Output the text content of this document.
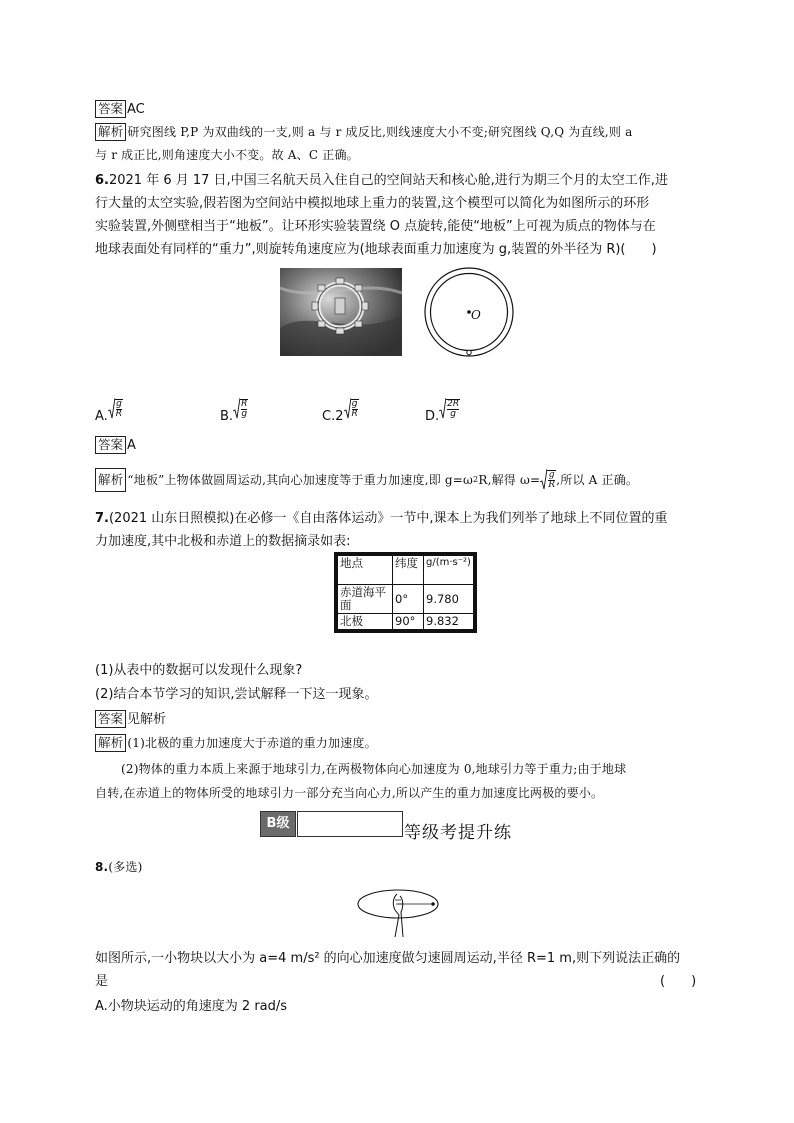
答案 AC
解析 研究图线 P,P 为双曲线的一支,则 a 与 r 成反比,则线速度大小不变;研究图线 Q,Q 为直线,则 a
与 r 成正比,则角速度大小不变。故 A、C 正确。
6.2021 年 6 月 17 日,中国三名航天员入住自己的空间站天和核心舱,进行为期三个月的太空工作,进
行大量的太空实验,假若图为空间站中模拟地球上重力的装置,这个模型可以简化为如图所示的环形
实验装置,外侧壁相当于“地板”。让环形实验装置绕 O 点旋转,能使“地板”上可视为质点的物体与在
地球表面处有同样的“重力”,则旋转角速度应为(地球表面重力加速度为 g,装置的外半径为 R)(　　)
O
A. $\frac{g}{R}$	B. $\frac{R}{g}$	$C.2 \frac{g}{R}$	D. $\frac{2R}{g}$
答案 A
解析 “地板”上物体做圆周运动,其向心加速度等于重力加速度,即 g=ω 2 R,解得 $\omega= \frac{g}{R}$ ,所以 A 正确。
7.(2021 山东日照模拟)在必修一《自由落体运动》一节中,课本上为我们列举了地球上不同位置的重
力加速度,其中北极和赤道上的数据摘录如表:
地点	纬度	g/(m·s⁻²)
赤道海平面	0°	9.780
北极	90°	9.832
(1)从表中的数据可以发现什么现象?
(2)结合本节学习的知识,尝试解释一下这一现象。
答案 见解析
解析 (1)北极的重力加速度大于赤道的重力加速度。
(2)物体的重力本质上来源于地球引力,在两极物体向心加速度为 0,地球引力等于重力;由于地球
自转,在赤道上的物体所受的地球引力一部分充当向心力,所以产生的重力加速度比两极的要小。
B级	等级考提升练
8.(多选)
如图所示,一小物块以大小为 a=4 m/s² 的向心加速度做匀速圆周运动,半径 R=1 m,则下列说法正确的
是	(　　)
A.小物块运动的角速度为 2 rad/s
